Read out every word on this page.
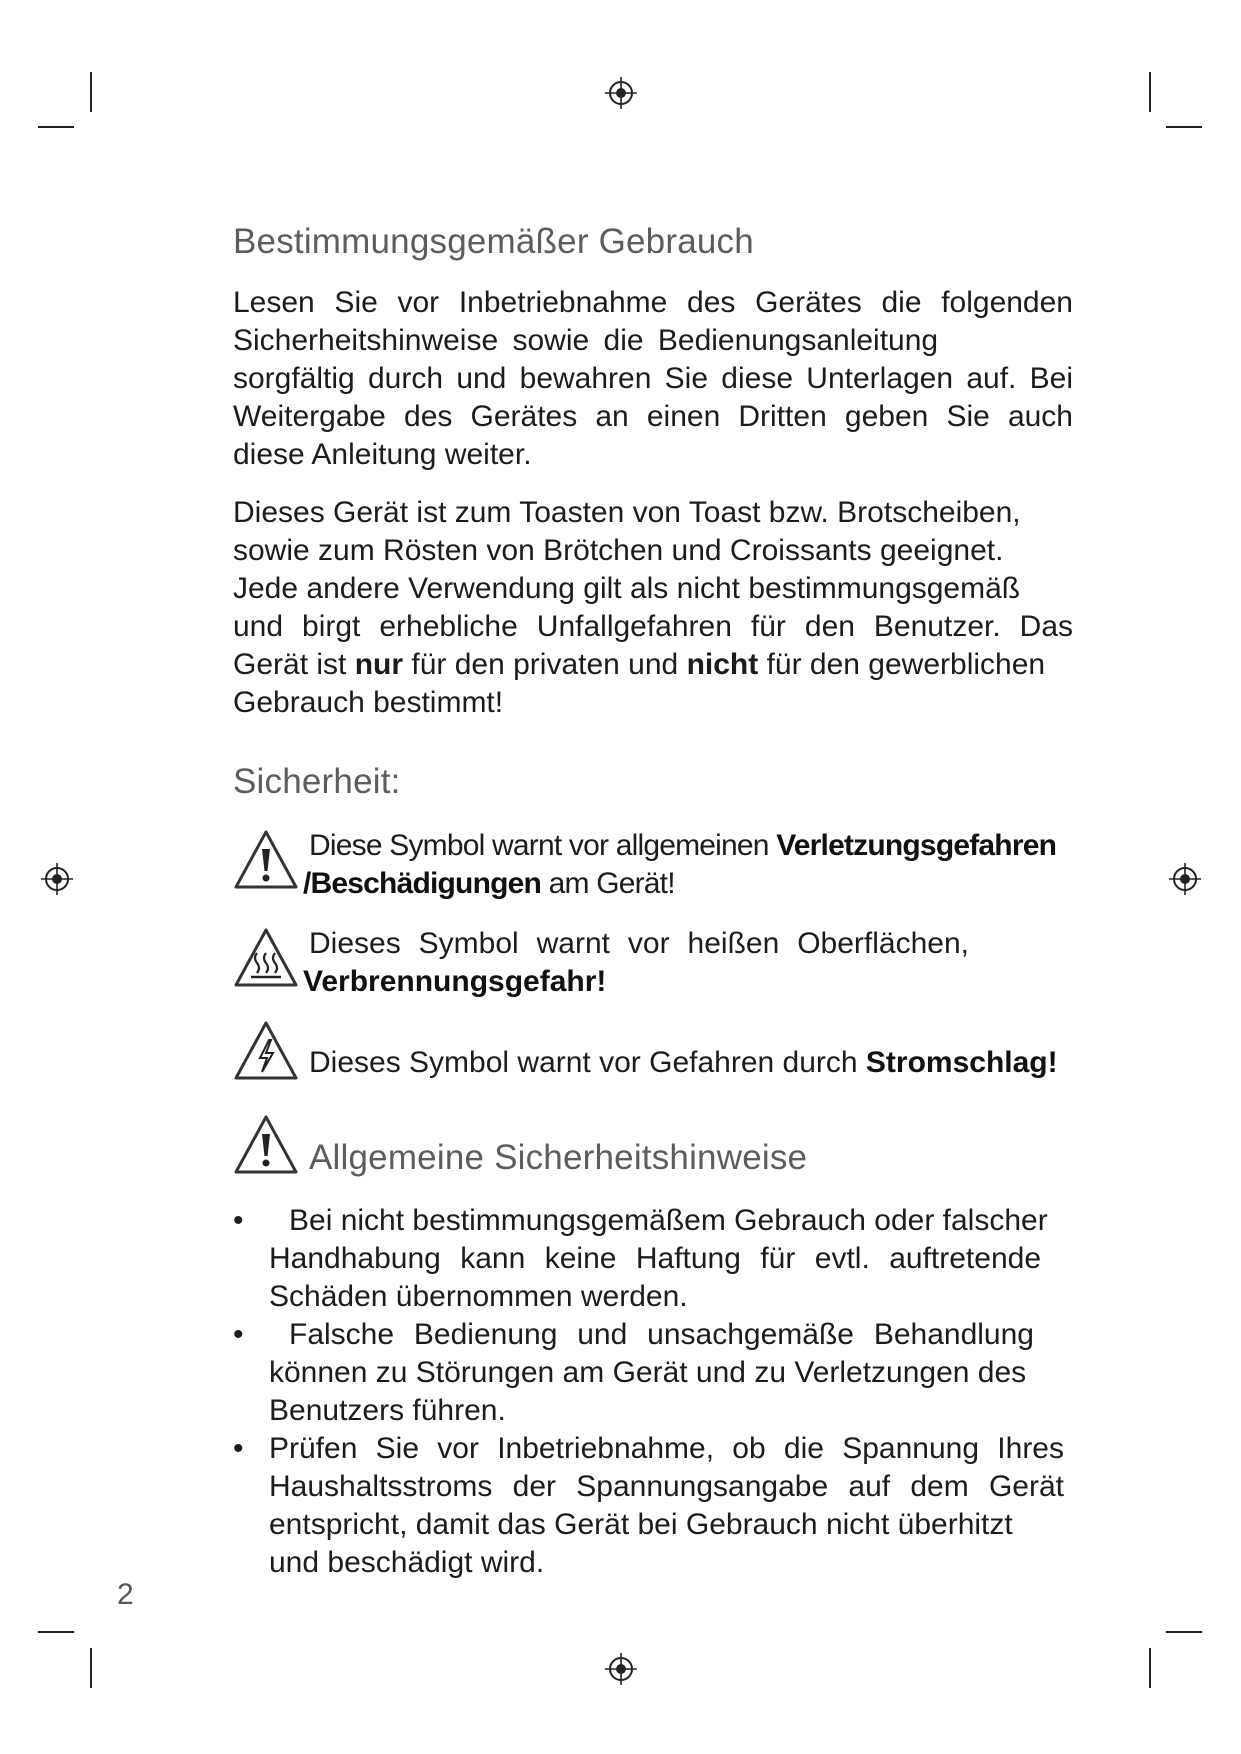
Bestimmungsgemäßer Gebrauch

Lesen Sie vor Inbetriebnahme des Gerätes die folgenden
Sicherheitshinweise sowie die Bedienungsanleitung
sorgfältig durch und bewahren Sie diese Unterlagen auf. Bei
Weitergabe des Gerätes an einen Dritten geben Sie auch
diese Anleitung weiter.

Dieses Gerät ist zum Toasten von Toast bzw. Brotscheiben,
sowie zum Rösten von Brötchen und Croissants geeignet.
Jede andere Verwendung gilt als nicht bestimmungsgemäß
und birgt erhebliche Unfallgefahren für den Benutzer. Das
Gerät ist nur für den privaten und nicht für den gewerblichen
Gebrauch bestimmt!

Sicherheit:
Diese Symbol warnt vor allgemeinen Verletzungsgefahren
/Beschädigungen am Gerät!
Dieses Symbol warnt vor heißen Oberflächen,
Verbrennungsgefahr!
Dieses Symbol warnt vor Gefahren durch Stromschlag!
Allgemeine Sicherheitshinweise
•	Bei nicht bestimmungsgemäßem Gebrauch oder falscher
Handhabung kann keine Haftung für evtl. auftretende
Schäden übernommen werden.
•	Falsche Bedienung und unsachgemäße Behandlung
können zu Störungen am Gerät und zu Verletzungen des
Benutzers führen.
• Prüfen Sie vor Inbetriebnahme, ob die Spannung Ihres
Haushaltsstroms der Spannungsangabe auf dem Gerät
entspricht, damit das Gerät bei Gebrauch nicht überhitzt
und beschädigt wird.
2
